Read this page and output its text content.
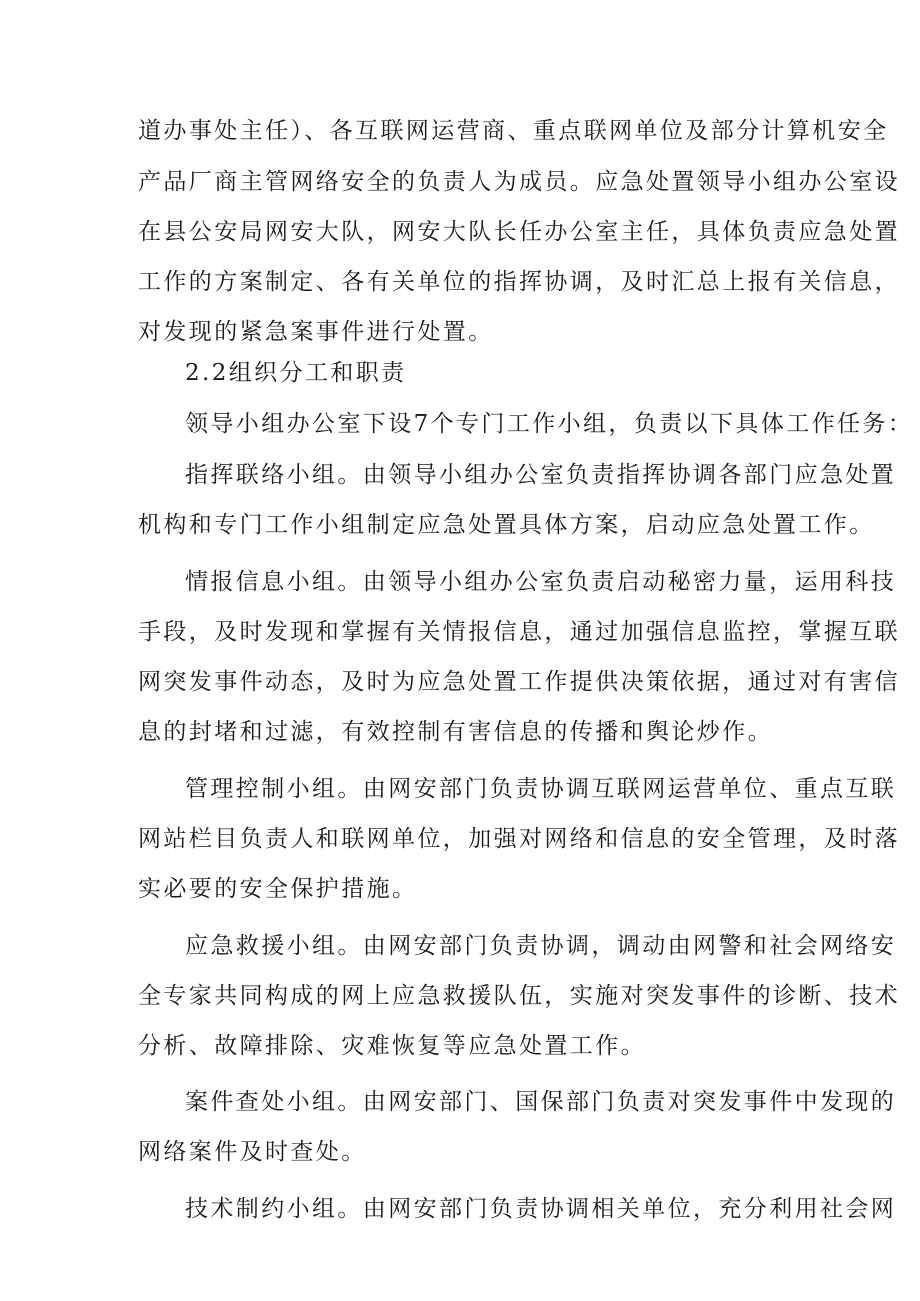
道办事处主任）、各互联网运营商、重点联网单位及部分计算机安全
产品厂商主管网络安全的负责人为成员。应急处置领导小组办公室设
在县公安局网安大队，网安大队长任办公室主任，具体负责应急处置
工作的方案制定、各有关单位的指挥协调，及时汇总上报有关信息，
对发现的紧急案事件进行处置。
2.2组织分工和职责
领导小组办公室下设7个专门工作小组，负责以下具体工作任务：
指挥联络小组。由领导小组办公室负责指挥协调各部门应急处置
机构和专门工作小组制定应急处置具体方案，启动应急处置工作。
情报信息小组。由领导小组办公室负责启动秘密力量，运用科技
手段，及时发现和掌握有关情报信息，通过加强信息监控，掌握互联
网突发事件动态，及时为应急处置工作提供决策依据，通过对有害信
息的封堵和过滤，有效控制有害信息的传播和舆论炒作。
管理控制小组。由网安部门负责协调互联网运营单位、重点互联
网站栏目负责人和联网单位，加强对网络和信息的安全管理，及时落
实必要的安全保护措施。
应急救援小组。由网安部门负责协调，调动由网警和社会网络安
全专家共同构成的网上应急救援队伍，实施对突发事件的诊断、技术
分析、故障排除、灾难恢复等应急处置工作。
案件查处小组。由网安部门、国保部门负责对突发事件中发现的
网络案件及时查处。
技术制约小组。由网安部门负责协调相关单位，充分利用社会网
